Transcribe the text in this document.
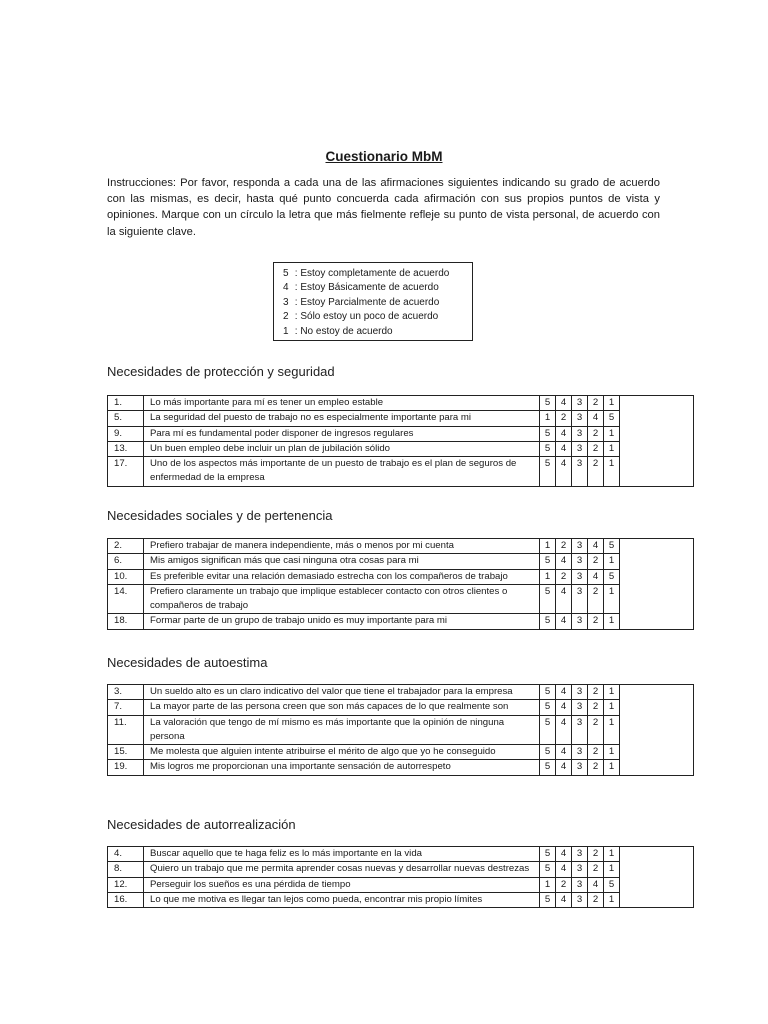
Cuestionario MbM
Instrucciones: Por favor, responda a cada una de las afirmaciones siguientes indicando su grado de acuerdo con las mismas, es decir, hasta qué punto concuerda cada afirmación con sus propios puntos de vista y opiniones. Marque con un círculo la letra que más fielmente refleje su punto de vista personal, de acuerdo con la siguiente clave.
5 : Estoy completamente de acuerdo
4 : Estoy Básicamente de acuerdo
3 : Estoy Parcialmente de acuerdo
2 : Sólo estoy un poco de acuerdo
1 : No estoy de acuerdo
Necesidades de protección y seguridad
Necesidades sociales y de pertenencia
Necesidades de autoestima
Necesidades de autorrealización
1.	Lo más importante para mí es tener un empleo estable	5	4	3	2	1	
5.	La seguridad del puesto de trabajo no es especialmente importante para mi	1	2	3	4	5	
9.	Para mí es fundamental poder disponer de ingresos regulares	5	4	3	2	1	
13.	Un buen empleo debe incluir un plan de jubilación sólido	5	4	3	2	1	
17.	Uno de los aspectos más importante de un puesto de trabajo es el plan de seguros de enfermedad de la empresa	5	4	3	2	1	
2.	Prefiero trabajar de manera independiente, más o menos por mi cuenta	1	2	3	4	5	
6.	Mis amigos significan más que casi ninguna otra cosas para mi	5	4	3	2	1	
10.	Es preferible evitar una relación demasiado estrecha con los compañeros de trabajo	1	2	3	4	5	
14.	Prefiero claramente un trabajo que implique establecer contacto con otros clientes o compañeros de trabajo	5	4	3	2	1	
18.	Formar parte de un grupo de trabajo unido es muy importante para mi	5	4	3	2	1	
3.	Un sueldo alto es un claro indicativo del valor que tiene el trabajador para la empresa	5	4	3	2	1	
7.	La mayor parte de las persona creen que son más capaces de lo que realmente son	5	4	3	2	1	
11.	La valoración que tengo de mí mismo es más importante que la opinión de ninguna persona	5	4	3	2	1	
15.	Me molesta que alguien intente atribuirse el mérito de algo que yo he conseguido	5	4	3	2	1	
19.	Mis logros me proporcionan una importante sensación de autorrespeto	5	4	3	2	1	
4.	Buscar aquello que te haga feliz es lo más importante en la vida	5	4	3	2	1	
8.	Quiero un trabajo que me permita aprender cosas nuevas y desarrollar nuevas destrezas	5	4	3	2	1	
12.	Perseguir los sueños es una pérdida de tiempo	1	2	3	4	5	
16.	Lo que me motiva es llegar tan lejos como pueda, encontrar mis propio límites	5	4	3	2	1	
